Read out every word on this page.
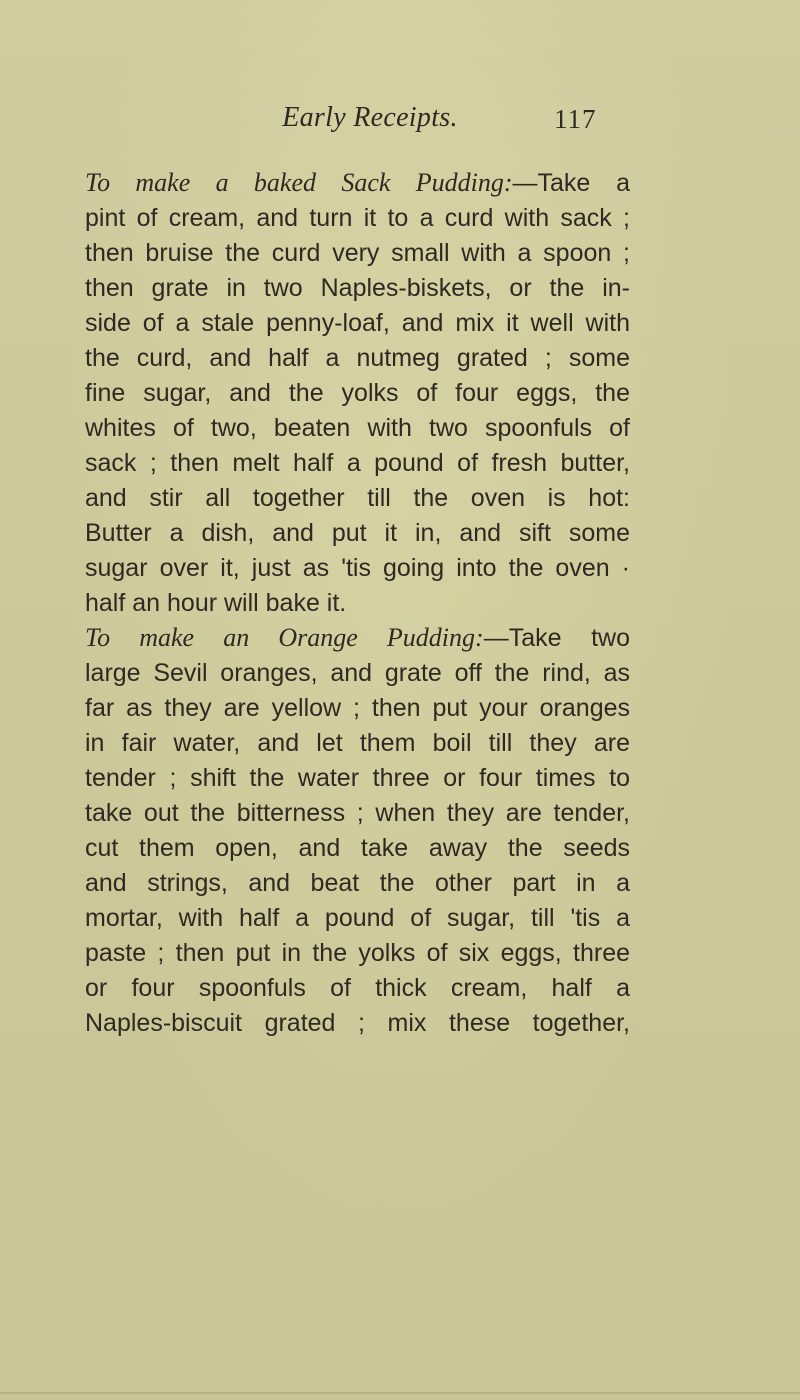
Early Receipts.	117
To make a baked Sack Pudding:—Take a
pint of cream, and turn it to a curd with sack ;
then bruise the curd very small with a spoon ;
then grate in two Naples-biskets, or the in-
side of a stale penny-loaf, and mix it well with
the curd, and half a nutmeg grated ; some
fine sugar, and the yolks of four eggs, the
whites of two, beaten with two spoonfuls of
sack ; then melt half a pound of fresh butter,
and stir all together till the oven is hot:
Butter a dish, and put it in, and sift some
sugar over it, just as 'tis going into the oven ·
half an hour will bake it.
To make an Orange Pudding:—Take two
large Sevil oranges, and grate off the rind, as
far as they are yellow ; then put your oranges
in fair water, and let them boil till they are
tender ; shift the water three or four times to
take out the bitterness ; when they are tender,
cut them open, and take away the seeds
and strings, and beat the other part in a
mortar, with half a pound of sugar, till 'tis a
paste ; then put in the yolks of six eggs, three
or four spoonfuls of thick cream, half a
Naples-biscuit grated ; mix these together,
